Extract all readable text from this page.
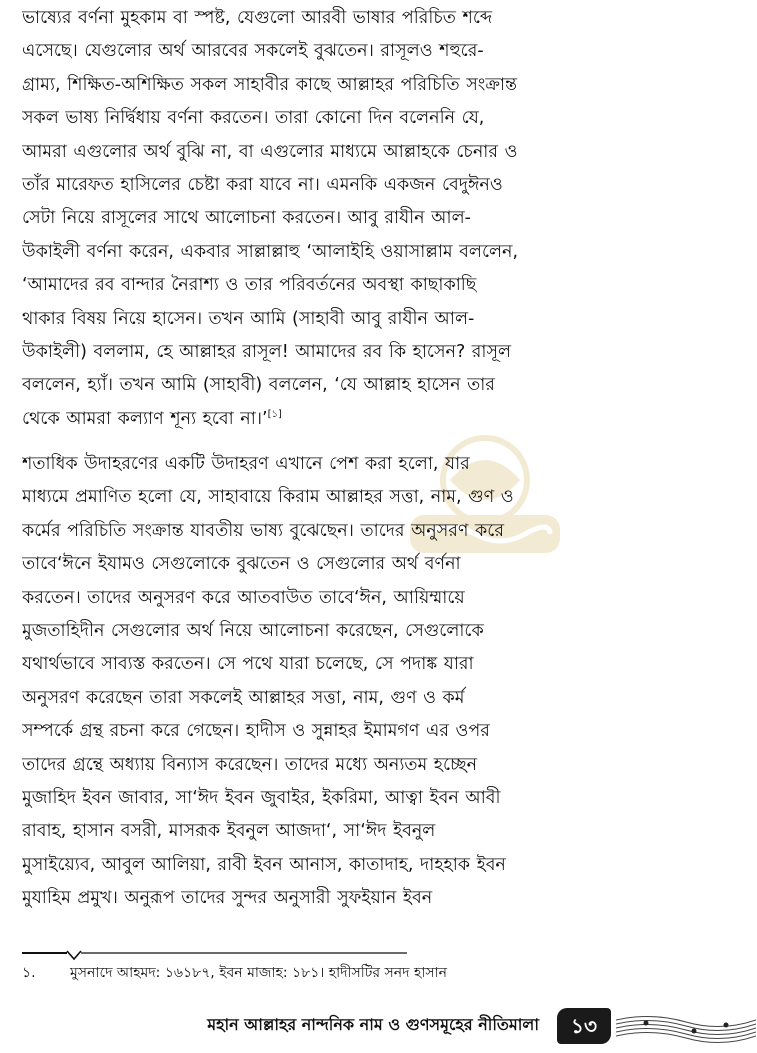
ভাষ্যের বর্ণনা মুহকাম বা স্পষ্ট, যেগুলো আরবী ভাষার পরিচিত শব্দে
এসেছে। যেগুলোর অর্থ আরবের সকলেই বুঝতেন। রাসূলও শহুরে-
গ্রাম্য, শিক্ষিত-অশিক্ষিত সকল সাহাবীর কাছে আল্লাহর পরিচিতি সংক্রান্ত
সকল ভাষ্য নির্দ্বিধায় বর্ণনা করতেন। তারা কোনো দিন বলেননি যে,
আমরা এগুলোর অর্থ বুঝি না, বা এগুলোর মাধ্যমে আল্লাহকে চেনার ও
তাঁর মারেফত হাসিলের চেষ্টা করা যাবে না। এমনকি একজন বেদুঈনও
সেটা নিয়ে রাসূলের সাথে আলোচনা করতেন। আবু রাযীন আল-
উকাইলী বর্ণনা করেন, একবার সাল্লাল্লাহু ‘আলাইহি ওয়াসাল্লাম বললেন,
‘আমাদের রব বান্দার নৈরাশ্য ও তার পরিবর্তনের অবস্থা কাছাকাছি
থাকার বিষয় নিয়ে হাসেন। তখন আমি (সাহাবী আবু রাযীন আল-
উকাইলী) বললাম, হে আল্লাহর রাসূল! আমাদের রব কি হাসেন? রাসূল
বললেন, হ্যাঁ। তখন আমি (সাহাবী) বললেন, ‘যে আল্লাহ হাসেন তার
থেকে আমরা কল্যাণ শূন্য হবো না।’[১]
শতাধিক উদাহরণের একটি উদাহরণ এখানে পেশ করা হলো, যার
মাধ্যমে প্রমাণিত হলো যে, সাহাবায়ে কিরাম আল্লাহর সত্তা, নাম, গুণ ও
কর্মের পরিচিতি সংক্রান্ত যাবতীয় ভাষ্য বুঝেছেন। তাদের অনুসরণ করে
তাবে‘ঈনে ইযামও সেগুলোকে বুঝতেন ও সেগুলোর অর্থ বর্ণনা
করতেন। তাদের অনুসরণ করে আতবাউত তাবে‘ঈন, আয়িম্মায়ে
মুজতাহিদীন সেগুলোর অর্থ নিয়ে আলোচনা করেছেন, সেগুলোকে
যথার্থভাবে সাব্যস্ত করতেন। সে পথে যারা চলেছে, সে পদাঙ্ক যারা
অনুসরণ করেছেন তারা সকলেই আল্লাহর সত্তা, নাম, গুণ ও কর্ম
সম্পর্কে গ্রন্থ রচনা করে গেছেন। হাদীস ও সুন্নাহর ইমামগণ এর ওপর
তাদের গ্রন্থে অধ্যায় বিন্যাস করেছেন। তাদের মধ্যে অন্যতম হচ্ছেন
মুজাহিদ ইবন জাবার, সা‘ঈদ ইবন জুবাইর, ইকরিমা, আত্বা ইবন আবী
রাবাহ, হাসান বসরী, মাসরূক ইবনুল আজদা‘, সা‘ঈদ ইবনুল
মুসাইয়্যেব, আবুল আলিয়া, রাবী ইবন আনাস, কাতাদাহ, দাহহাক ইবন
মুযাহিম প্রমুখ। অনুরূপ তাদের সুন্দর অনুসারী সুফইয়ান ইবন
১. মুসনাদে আহমদ: ১৬১৮৭, ইবন মাজাহ: ১৮১। হাদীসটির সনদ হাসান
মহান আল্লাহর নান্দনিক নাম ও গুণসমূহের নীতিমালা	১৩
